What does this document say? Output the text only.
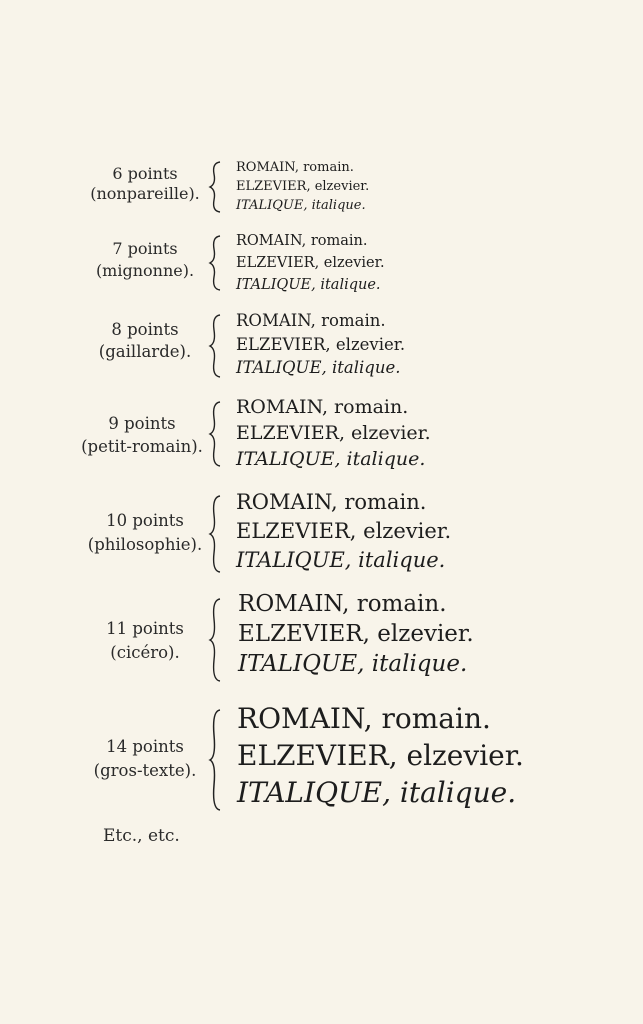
6 points
(nonpareille).
ROMAIN, romain.
ELZEVIER, elzevier.
ITALIQUE, italique.
7 points
(mignonne).
ROMAIN, romain.
ELZEVIER, elzevier.
ITALIQUE, italique.
8 points
(gaillarde).
ROMAIN, romain.
ELZEVIER, elzevier.
ITALIQUE, italique.
9 points
(petit-romain).
ROMAIN, romain.
ELZEVIER, elzevier.
ITALIQUE, italique.
10 points
(philosophie).
ROMAIN, romain.
ELZEVIER, elzevier.
ITALIQUE, italique.
11 points
(cicéro).
ROMAIN, romain.
ELZEVIER, elzevier.
ITALIQUE, italique.
14 points
(gros-texte).
ROMAIN, romain.
ELZEVIER, elzevier.
ITALIQUE, italique.
Etc., etc.
